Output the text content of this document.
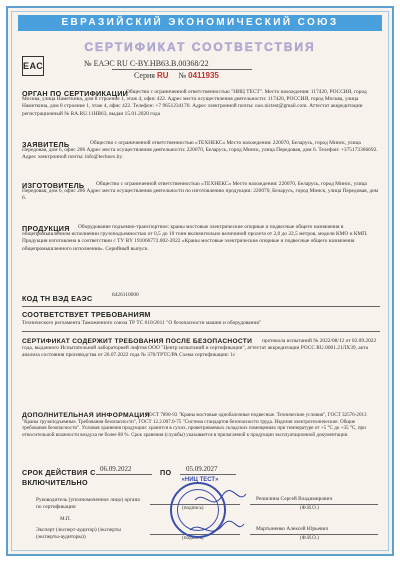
ЕВРАЗИЙСКИЙ ЭКОНОМИЧЕСКИЙ СОЮЗ
СЕРТИФИКАТ СООТВЕТСТВИЯ
ЕАС	№ ЕАЭС RU C-BY.НВ63.В.00368/22
Серия RU № 0411935
ОРГАН ПО СЕРТИФИКАЦИИ
Общество с ограниченной ответственностью "НИЦ ТЕСТ". Место нахождения: 117420, РОССИЯ, город Москва, улица Наметкина, дом 8 строение 1, этаж 4, офис 422. Адрес места осуществления деятельности: 117420, РОССИЯ, город Москва, улица Наметкина, дом 8 строение 1, этаж 4, офис 422. Телефон: +7 9651234170. Адрес электронной почты: ooo.nictest@gmail.com. Аттестат аккредитации регистрационный № RA.RU.11НВ63, выдан 15.01.2020 года
ЗАЯВИТЕЛЬ	Общество с ограниченной ответственностью «ТЕХНЕКС» Место нахождения: 220070, Беларусь, город Минск, улица Передовая, дом 6, офис 206 Адрес места осуществления деятельности: 220070, Беларусь, город Минск, улица Передовая, дом 6. Телефон: +375173366692. Адрес электронной почты: info@technex.by.
ИЗГОТОВИТЕЛЬ	Общество с ограниченной ответственностью «ТЕХНЕКС» Место нахождения: 220070, Беларусь, город Минск, улица Передовая, дом 6, офис 206 Адрес места осуществления деятельности по изготовлению продукции: 220070, Беларусь, город Минск, улица Передовая, дом 6.
ПРОДУКЦИЯ	Оборудование подъемно-транспортное: краны мостовые электрические опорные и подвесные общего назначения в общепромышленном исполнении грузоподъемностью от 0,5 до 10 тонн включительно величиной пролета от 2,0 до 22,5 метров, модели КМО и КМП. Продукция изготовлена в соответствии с ТУ BY 191066772.002-2022 «Краны мостовые электрические опорные и подвесные общего назначения общепромышленного исполнения». Серийный выпуск.
КОД ТН ВЭД ЕАЭС	8426110000
СООТВЕТСТВУЕТ ТРЕБОВАНИЯМ
Технического регламента Таможенного союза ТР ТС 010/2011 "О безопасности машин и оборудования"
СЕРТИФИКАТ СОДЕРЖИТ ТРЕБОВАНИЯ ПОСЛЕ БЕЗОПАСНОСТИ	протокола испытаний № 2022/08/12 от 02.09.2022 года, выданного Испытательной лабораторией лифтов ООО "Центр испытаний и сертификации", аттестат аккредитации РОСС RU.0001.21ЛХ39, акта анализа состояния производства от 26.07.2022 года № 370/ТРТС/РА Схема сертификации: 1с
ДОПОЛНИТЕЛЬНАЯ ИНФОРМАЦИЯ
ГОСТ 7890-93 "Краны мостовые однобалочные подвесные. Технические условия", ГОСТ 32576-2013 "Краны грузоподъемные. Требования безопасности", ГОСТ 12.2.007.0-75 "Система стандартов безопасности труда. Изделия электротехнические. Общие требования безопасности". Условия хранения продукции: хранится в сухих, проветриваемых складских помещениях при температуре от +5 °С до +35 °С, при относительной влажности воздуха не более 80 %. Срок хранения (службы) указывается в прилагаемой к продукции эксплуатационной документации.
СРОК ДЕЙСТВИЯ С 06.09.2022	ПО 05.09.2027
ВКЛЮЧИТЕЛЬНО
Руководитель (уполномоченное лицо) органа по сертификации	(подпись)
Решилина Сергей Владимирович
(Ф.И.О.)
М.П.
Эксперт (эксперт-аудитор) (эксперты (эксперты-аудиторы))	(подпись)
Мартыненко Алексей Юрьевич
(Ф.И.О.)
«НИЦ ТЕСТ»
